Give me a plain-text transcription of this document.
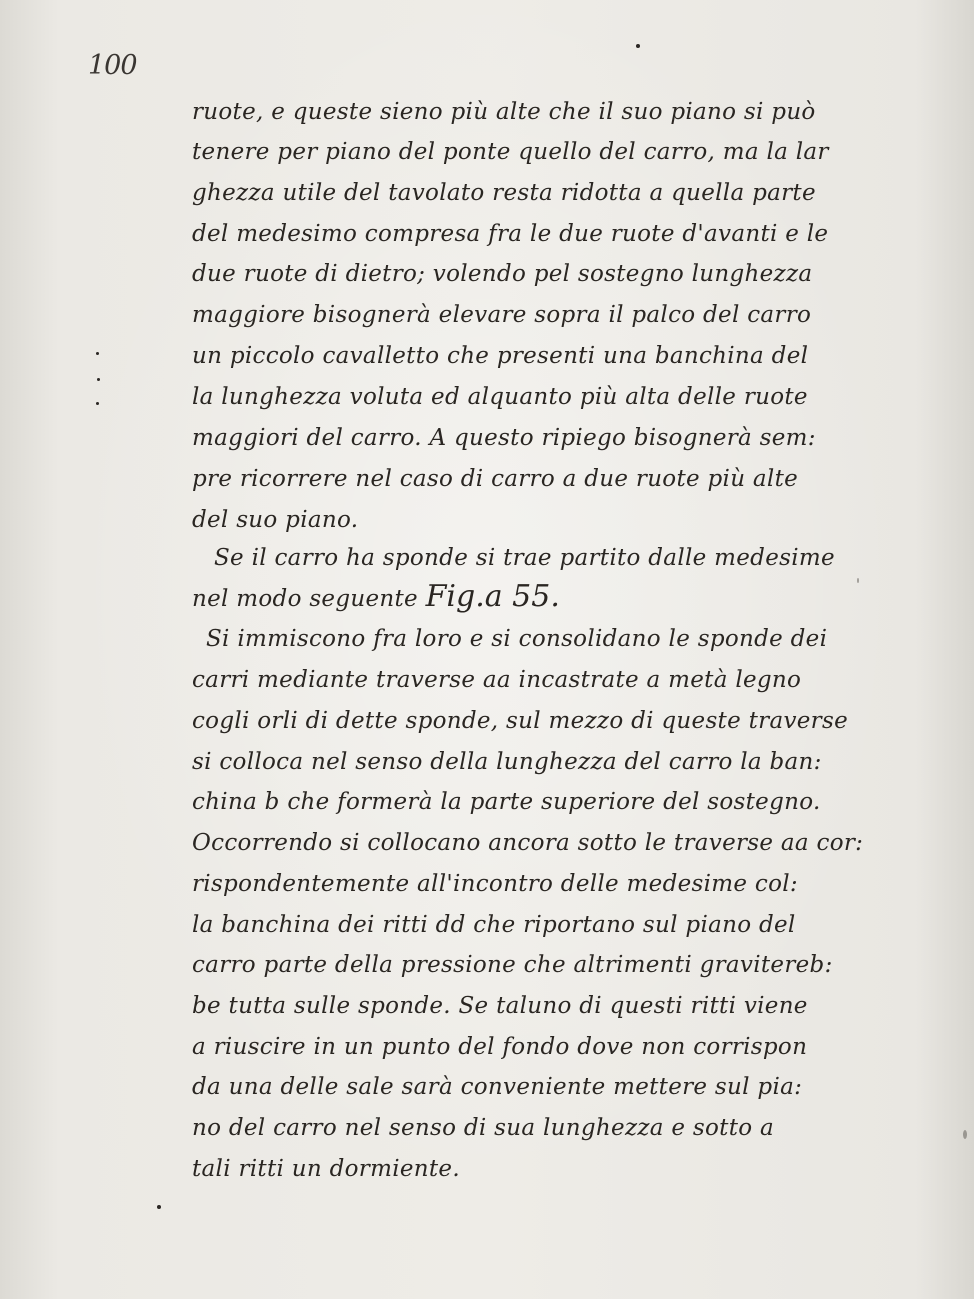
100
ruote, e queste sieno più alte che il suo piano si può
tenere per piano del ponte quello del carro, ma la lar
ghezza utile del tavolato resta ridotta a quella parte
del medesimo compresa fra le due ruote d'avanti e le
due ruote di dietro; volendo pel sostegno lunghezza
maggiore bisognerà elevare sopra il palco del carro
un piccolo cavalletto che presenti una banchina del
la lunghezza voluta ed alquanto più alta delle ruote
maggiori del carro. A questo ripiego bisognerà sem:
pre ricorrere nel caso di carro a due ruote più alte
del suo piano.
Se il carro ha sponde si trae partito dalle medesime
nel modo seguente Fig.a 55.
Si immiscono fra loro e si consolidano le sponde dei
carri mediante traverse aa incastrate a metà legno
cogli orli di dette sponde, sul mezzo di queste traverse
si colloca nel senso della lunghezza del carro la ban:
china b che formerà la parte superiore del sostegno.
Occorrendo si collocano ancora sotto le traverse aa cor:
rispondentemente all'incontro delle medesime col:
la banchina dei ritti dd che riportano sul piano del
carro parte della pressione che altrimenti gravitereb:
be tutta sulle sponde. Se taluno di questi ritti viene
a riuscire in un punto del fondo dove non corrispon
da una delle sale sarà conveniente mettere sul pia:
no del carro nel senso di sua lunghezza e sotto a
tali ritti un dormiente.
